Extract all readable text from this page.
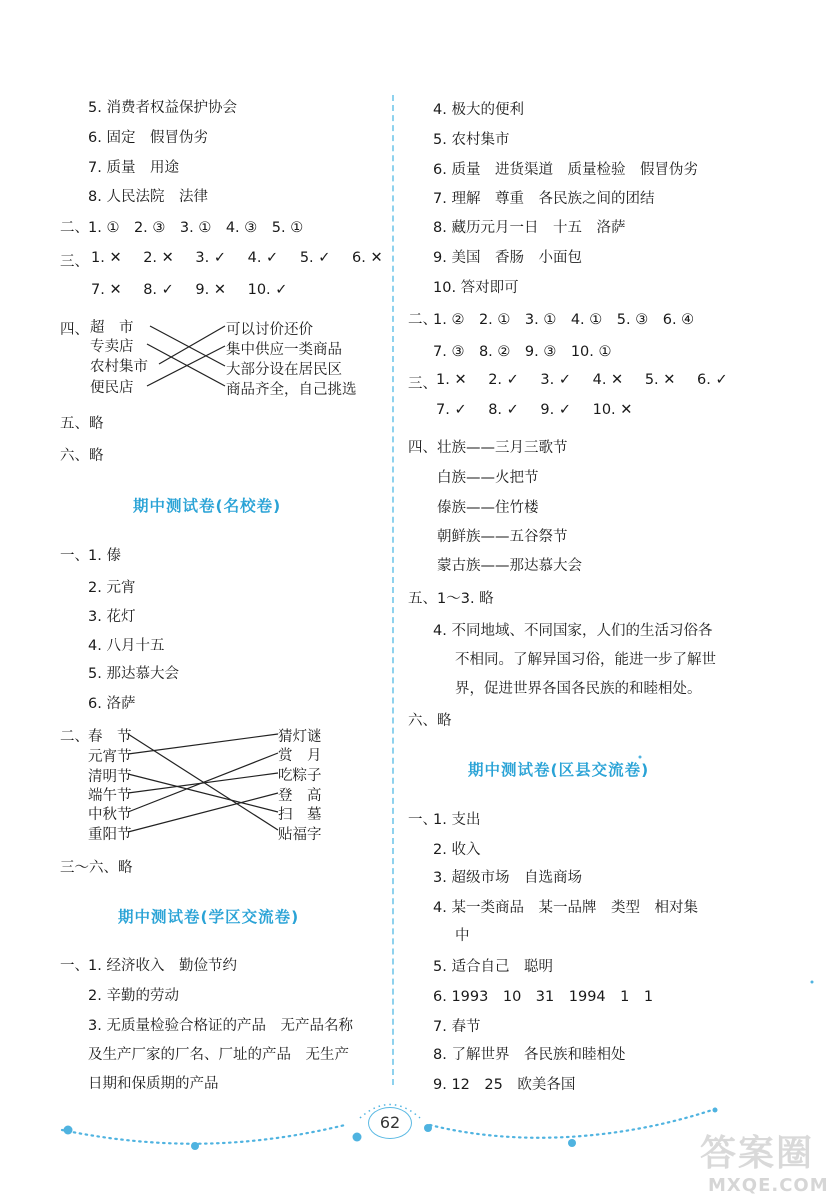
5. 消费者权益保护协会
6. 固定　假冒伪劣
7. 质量　用途
8. 人民法院　法律
二、 1. ①　2. ③　3. ①　4. ③　5. ①
三、 1. ✕ 2. ✕ 3. ✓ 4. ✓ 5. ✓ 6. ✕
7. ✕ 8. ✓ 9. ✕ 10. ✓
四、 超　市
专卖店
农村集市
便民店
可以讨价还价
集中供应一类商品
大部分设在居民区
商品齐全，自己挑选
五、略
六、略
期中测试卷(名校卷)
一、 1. 傣
2. 元宵
3. 花灯
4. 八月十五
5. 那达慕大会
6. 洛萨
二、 春　节
元宵节
清明节
端午节
中秋节
重阳节
猜灯谜
赏　月
吃粽子
登　高
扫　墓
贴福字
三～六、略
期中测试卷(学区交流卷)
一、 1. 经济收入　勤俭节约
2. 辛勤的劳动
3. 无质量检验合格证的产品　无产品名称
及生产厂家的厂名、厂址的产品　无生产
日期和保质期的产品
4. 极大的便利
5. 农村集市
6. 质量　进货渠道　质量检验　假冒伪劣
7. 理解　尊重　各民族之间的团结
8. 藏历元月一日　十五　洛萨
9. 美国　香肠　小面包
10. 答对即可
二、
1. ②　2. ①　3. ①　4. ①　5. ③　6. ④
7. ③　8. ②　9. ③　10. ①
三、 1. ✕ 2. ✓ 3. ✓ 4. ✕ 5. ✕ 6. ✓
7. ✓ 8. ✓ 9. ✓ 10. ✕
四、 壮族——三月三歌节
白族——火把节
傣族——住竹楼
朝鲜族——五谷祭节
蒙古族——那达慕大会
五、 1～3. 略
4. 不同地域、不同国家，人们的生活习俗各
不相同。了解异国习俗，能进一步了解世
界，促进世界各国各民族的和睦相处。
六、略
期中测试卷(区县交流卷)
一、
1. 支出
2. 收入
3. 超级市场　自选商场
4. 某一类商品　某一品牌　类型　相对集
中
5. 适合自己　聪明
6. 1993　10　31　1994　1　1
7. 春节
8. 了解世界　各民族和睦相处
9. 12　25　欧美各国
62
答案圈
MXQE.COM
